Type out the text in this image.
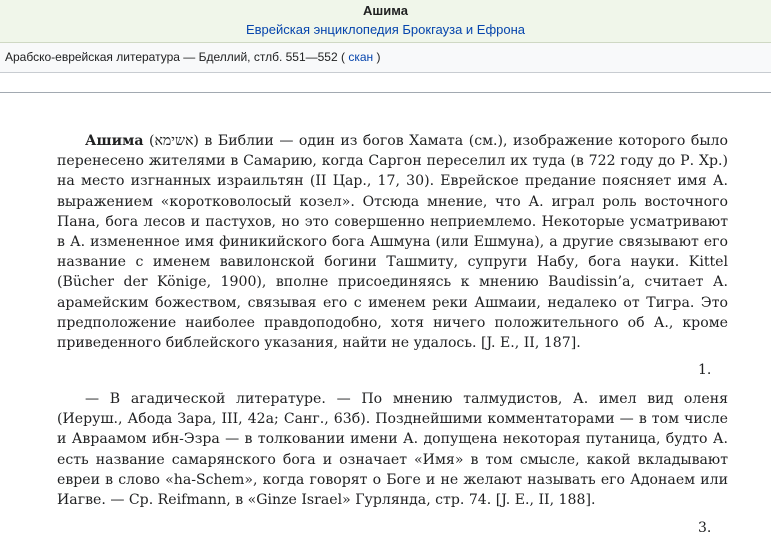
Ашима
Еврейская энциклопедия Брокгауза и Ефрона
Арабско-еврейская литература — Бделлий, стлб. 551—552 ( скан )

Ашима (אשימא) в Библии — один из богов Хамата (см.), изображение которого было перенесено жителями в Самарию, когда Саргон переселил их туда (в 722 году до Р. Хр.) на место изгнанных израильтян (II Цар., 17, 30). Еврейское предание поясняет имя А. выражением «коротковолосый козел». Отсюда мнение, что А. играл роль восточного Пана, бога лесов и пастухов, но это совершенно неприемлемо. Некоторые усматривают в А. измененное имя финикийского бога Ашмуна (или Ешмуна), а другие связывают его название с именем вавилонской богини Ташмиту, супруги Набу, бога науки. Kittel (Bücher der Könige, 1900), вполне присоединяясь к мнению Baudissin’a, считает А. арамейским божеством, связывая его с именем реки Ашмаии, недалеко от Тигра. Это предположение наиболее правдоподобно, хотя ничего положительного об А., кроме приведенного библейского указания, найти не удалось. [J. E., II, 187].

1.

— В агадической литературе. — По мнению талмудистов, А. имел вид оленя (Иеруш., Абода Зара, III, 42а; Санг., 63б). Позднейшими комментаторами — в том числе и Авраамом ибн-Эзра — в толковании имени А. допущена некоторая путаница, будто А. есть название самарянского бога и означает «Имя» в том смысле, какой вкладывают евреи в слово «ha-Schem», когда говорят о Боге и не желают называть его Адонаем или Иагве. — Ср. Reifmann, в «Ginze Israel» Гурлянда, стр. 74. [J. E., II, 188].

3.
